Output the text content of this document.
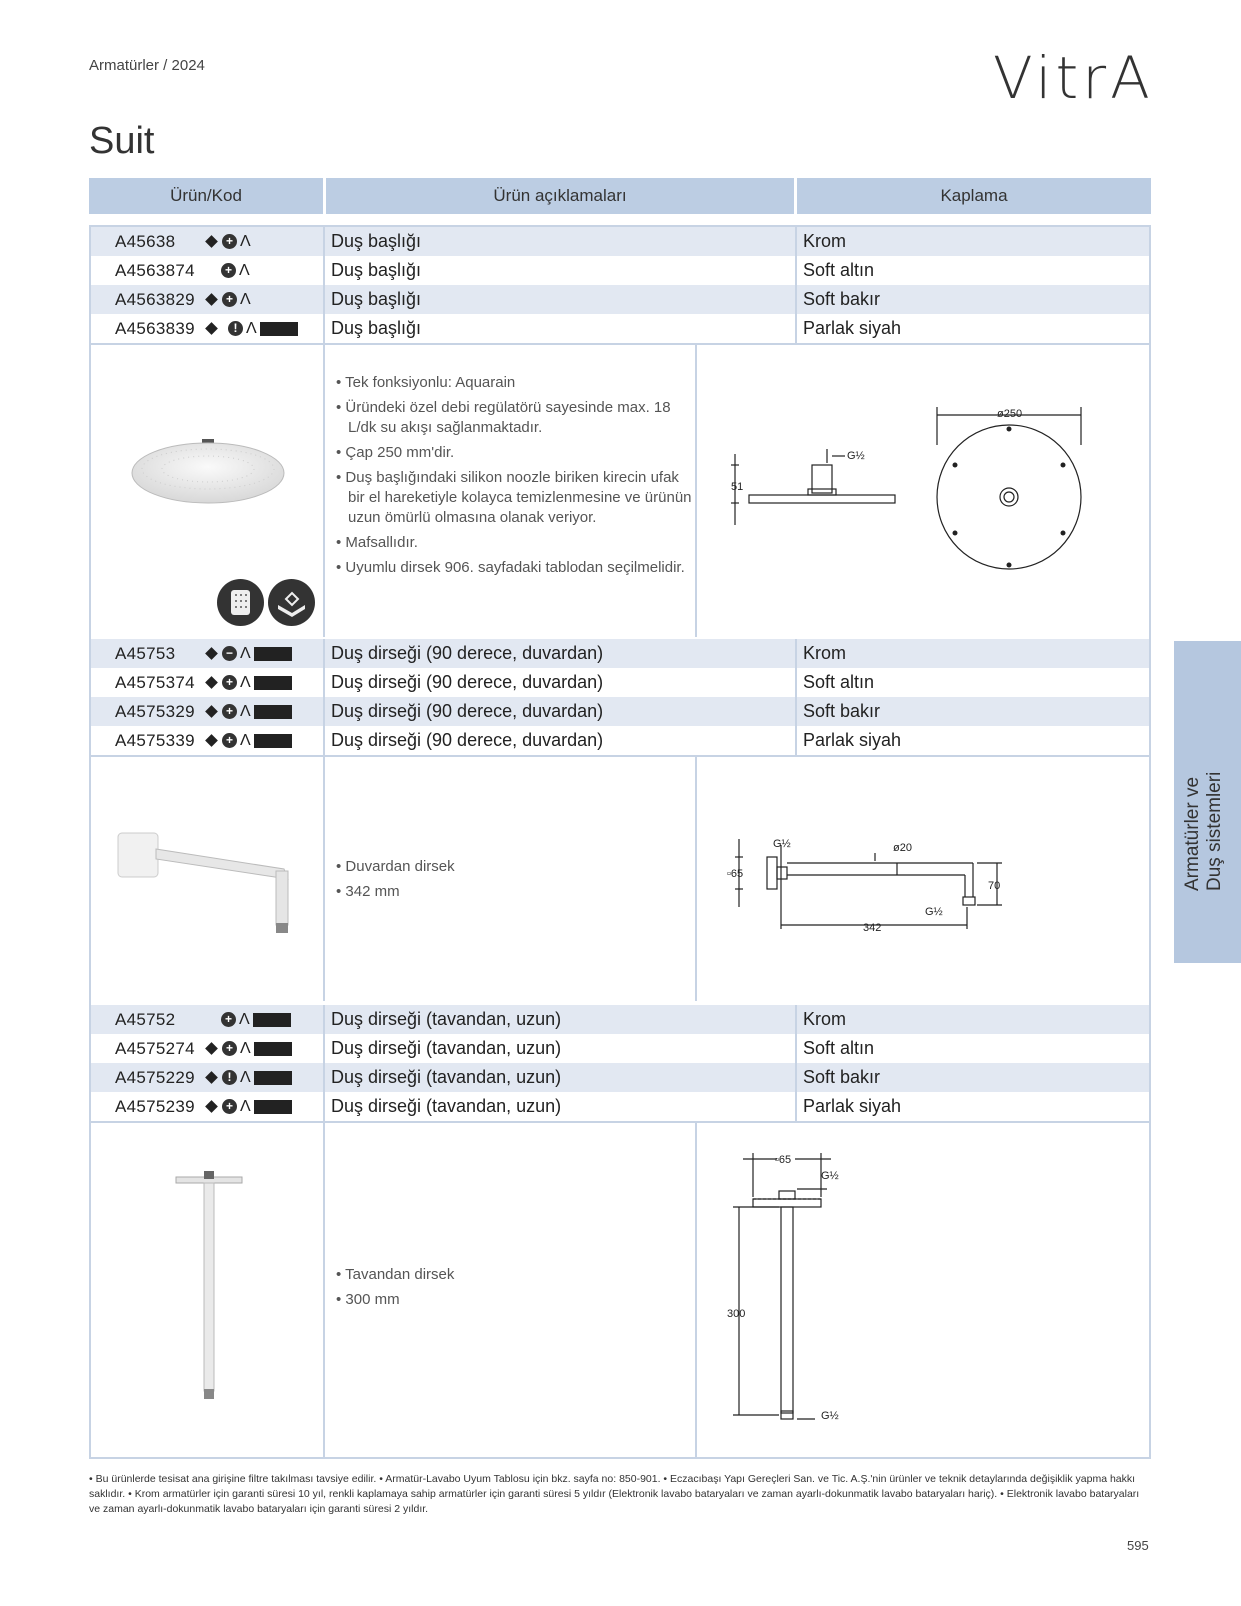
Armatürler / 2024	VitrA
Suit
Ürün/Kod	Ürün açıklamaları	Kaplama
A45638	+ Λ	Duş başlığı	Krom
A4563874	+ Λ	Duş başlığı	Soft altın
A4563829	+ Λ	Duş başlığı	Soft bakır
A4563839	! Λ	Duş başlığı	Parlak siyah
• Tek fonksiyonlu: Aquarain
• Üründeki özel debi regülatörü sayesinde max. 18 L/dk su akışı sağlanmaktadır.
• Çap 250 mm'dir.
• Duş başlığındaki silikon noozle biriken kirecin ufak bir el hareketiyle kolayca temizlenmesine ve ürünün uzun ömürlü olmasına olanak veriyor.
• Mafsallıdır.
• Uyumlu dirsek 906. sayfadaki tablodan seçilmelidir.
ø250
51
G½
A45753	− Λ	Duş dirseği (90 derece, duvardan)	Krom
A4575374	+ Λ	Duş dirseği (90 derece, duvardan)	Soft altın
A4575329	+ Λ	Duş dirseği (90 derece, duvardan)	Soft bakır
A4575339	+ Λ	Duş dirseği (90 derece, duvardan)	Parlak siyah
• Duvardan dirsek
• 342 mm
▫65
G½	ø20
70
G½
342
A45752	+ Λ	Duş dirseği (tavandan, uzun)	Krom
A4575274	+ Λ	Duş dirseği (tavandan, uzun)	Soft altın
A4575229	! Λ	Duş dirseği (tavandan, uzun)	Soft bakır
A4575239	+ Λ	Duş dirseği (tavandan, uzun)	Parlak siyah
• Tavandan dirsek
• 300 mm
▫65
G½
300
G½
Armatürler ve Duş sistemleri
• Bu ürünlerde tesisat ana girişine filtre takılması tavsiye edilir. • Armatür-Lavabo Uyum Tablosu için bkz. sayfa no: 850-901. • Eczacıbaşı Yapı Gereçleri San. ve Tic. A.Ş.'nin ürünler ve teknik detaylarında değişiklik yapma hakkı saklıdır. • Krom armatürler için garanti süresi 10 yıl, renkli kaplamaya sahip armatürler için garanti süresi 5 yıldır (Elektronik lavabo bataryaları ve zaman ayarlı-dokunmatik lavabo bataryaları hariç). • Elektronik lavabo bataryaları ve zaman ayarlı-dokunmatik lavabo bataryaları için garanti süresi 2 yıldır.
595
